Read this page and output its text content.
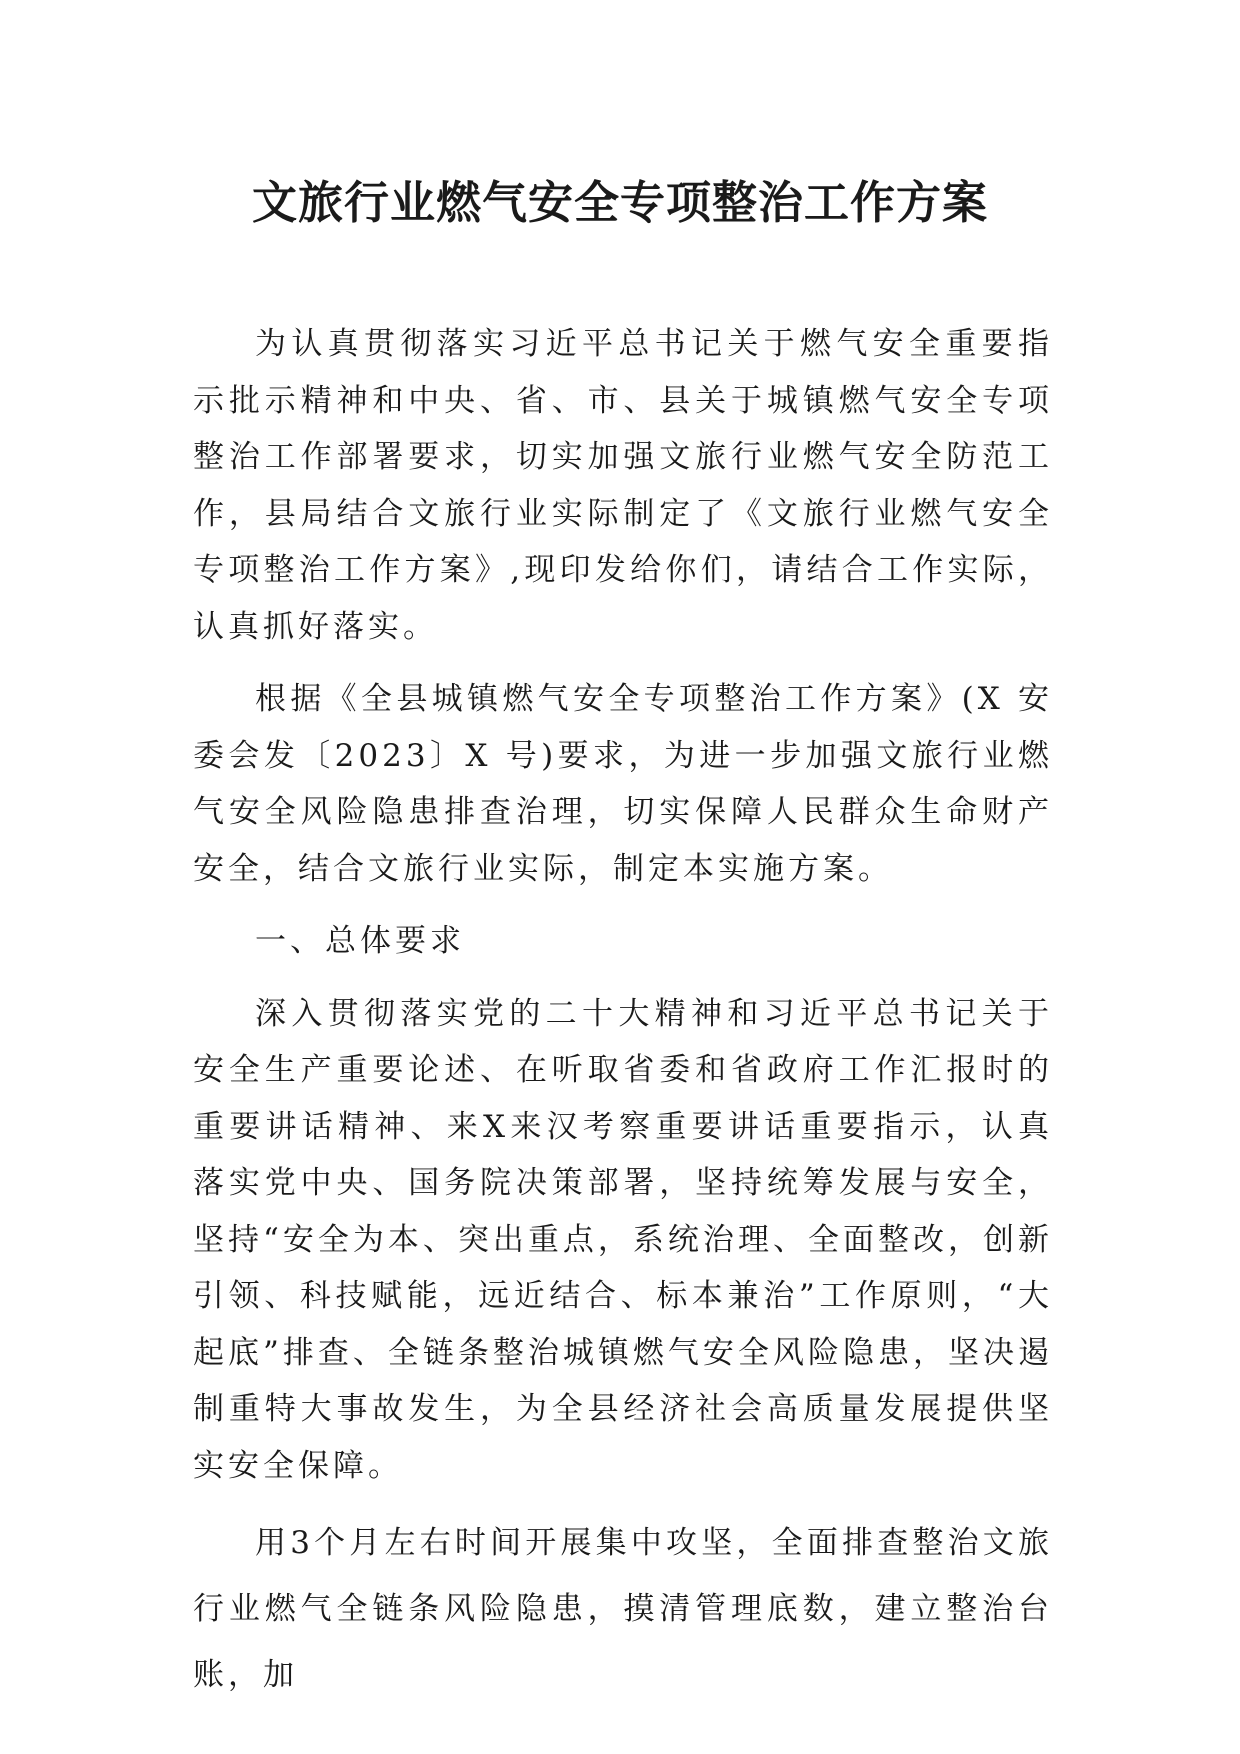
文旅行业燃气安全专项整治工作方案

为认真贯彻落实习近平总书记关于燃气安全重要指示批示精神和中央、省、市、县关于城镇燃气安全专项整治工作部署要求，切实加强文旅行业燃气安全防范工作，县局结合文旅行业实际制定了《文旅行业燃气安全专项整治工作方案》,现印发给你们，请结合工作实际，认真抓好落实。

根据《全县城镇燃气安全专项整治工作方案》(X 安委会发〔2023〕X 号)要求，为进一步加强文旅行业燃气安全风险隐患排查治理，切实保障人民群众生命财产安全，结合文旅行业实际，制定本实施方案。

一、总体要求

深入贯彻落实党的二十大精神和习近平总书记关于安全生产重要论述、在听取省委和省政府工作汇报时的重要讲话精神、来X来汉考察重要讲话重要指示，认真落实党中央、国务院决策部署，坚持统筹发展与安全，坚持“安全为本、突出重点，系统治理、全面整改，创新引领、科技赋能，远近结合、标本兼治”工作原则，“大起底”排查、全链条整治城镇燃气安全风险隐患，坚决遏制重特大事故发生，为全县经济社会高质量发展提供坚实安全保障。

用3个月左右时间开展集中攻坚，全面排查整治文旅行业燃气全链条风险隐患，摸清管理底数，建立整治台账，加
